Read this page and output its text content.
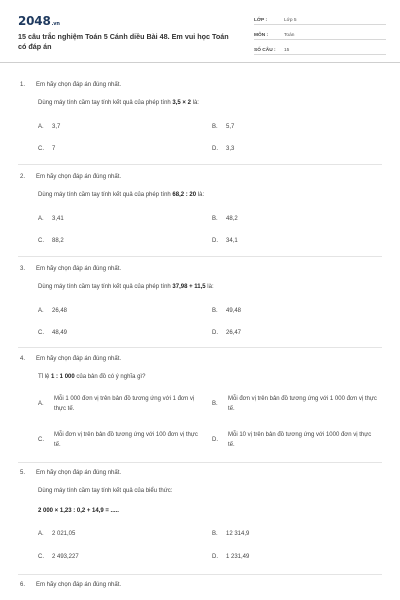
2048.vn
15 câu trắc nghiệm Toán 5 Cánh diều Bài 48. Em vui học Toán có đáp án
LỚP :	Lớp 5
MÔN :	Toán
SỐ CÂU :	15
1. Em hãy chọn đáp án đúng nhất.
Dùng máy tính cầm tay tính kết quả của phép tính 3,5 × 2 là:
A. 3,7	B. 5,7
C. 7	D. 3,3
2. Em hãy chọn đáp án đúng nhất.
Dùng máy tính cầm tay tính kết quả của phép tính 68,2 : 20 là:
A. 3,41	B. 48,2
C. 88,2	D. 34,1
3. Em hãy chọn đáp án đúng nhất.
Dùng máy tính cầm tay tính kết quả của phép tính 37,98 + 11,5 là:
A. 26,48	B. 49,48
C. 48,49	D. 26,47
4. Em hãy chọn đáp án đúng nhất.
Tỉ lệ 1 : 1 000 của bản đồ có ý nghĩa gì?
A.
Mỗi 1 000 đơn vị trên bản đồ tương ứng với 1 đơn vị thực tế.
B.
Mỗi đơn vị trên bản đồ tương ứng với 1 000 đơn vị thực tế.
C.
Mỗi đơn vị trên bản đồ tương ứng với 100 đơn vị thực tế.
D.
Mỗi 10 vị trên bản đồ tương ứng với 1000 đơn vị thực tế.
5. Em hãy chọn đáp án đúng nhất.
Dùng máy tính cầm tay tính kết quả của biểu thức:
2 000 × 1,23 : 0,2 + 14,9 = .....
A. 2 021,05	B. 12 314,9
C. 2 493,227	D. 1 231,49
6. Em hãy chọn đáp án đúng nhất.
